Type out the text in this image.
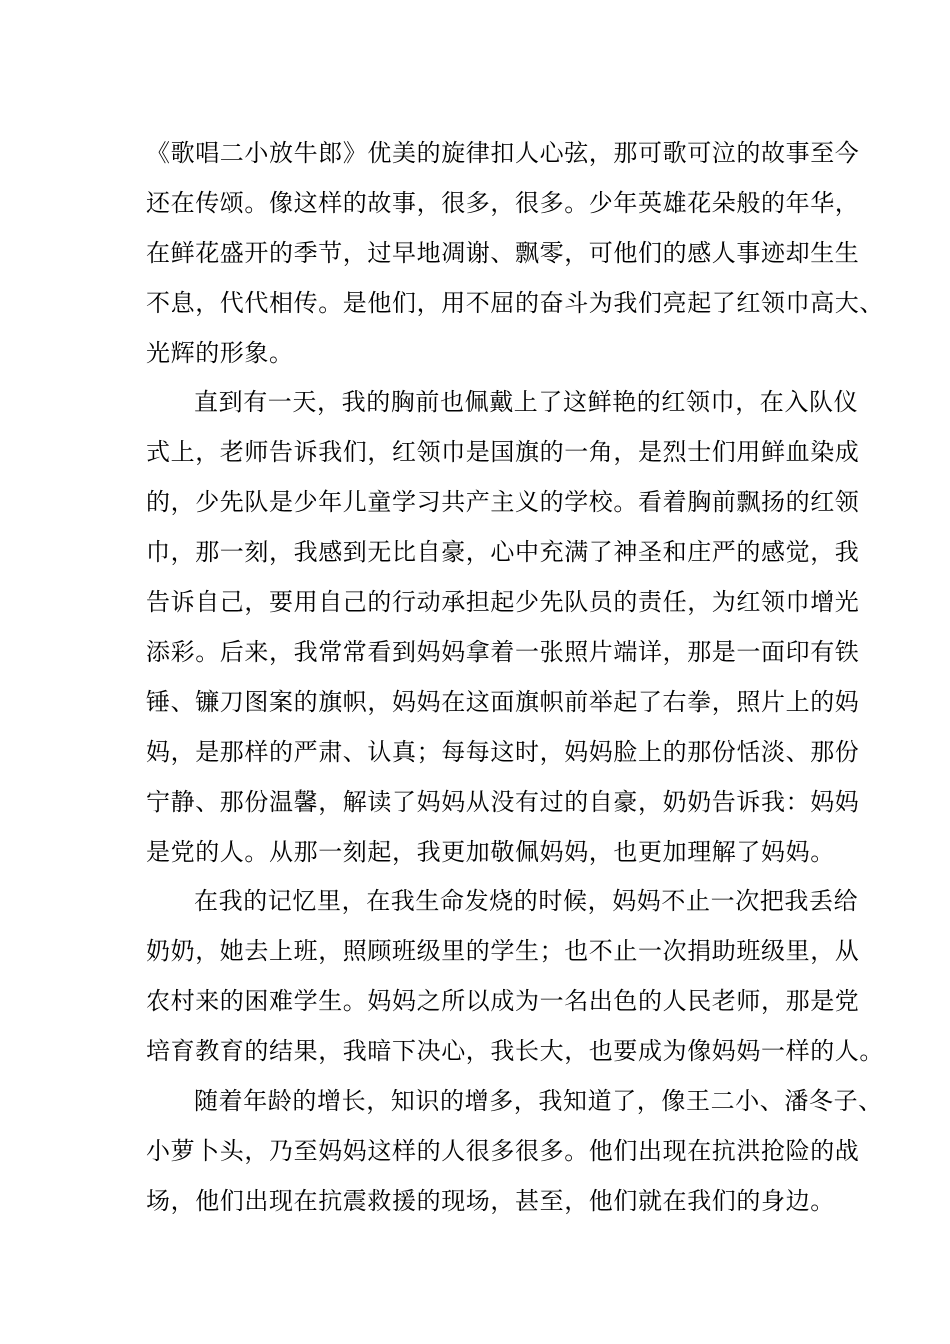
《歌唱二小放牛郎》优美的旋律扣人心弦，那可歌可泣的故事至今
还在传颂。像这样的故事，很多，很多。少年英雄花朵般的年华，
在鲜花盛开的季节，过早地凋谢、飘零，可他们的感人事迹却生生
不息，代代相传。是他们，用不屈的奋斗为我们亮起了红领巾高大、
光辉的形象。
直到有一天，我的胸前也佩戴上了这鲜艳的红领巾，在入队仪
式上，老师告诉我们，红领巾是国旗的一角，是烈士们用鲜血染成
的，少先队是少年儿童学习共产主义的学校。看着胸前飘扬的红领
巾，那一刻，我感到无比自豪，心中充满了神圣和庄严的感觉，我
告诉自己，要用自己的行动承担起少先队员的责任，为红领巾增光
添彩。后来，我常常看到妈妈拿着一张照片端详，那是一面印有铁
锤、镰刀图案的旗帜，妈妈在这面旗帜前举起了右拳，照片上的妈
妈，是那样的严肃、认真；每每这时，妈妈脸上的那份恬淡、那份
宁静、那份温馨，解读了妈妈从没有过的自豪，奶奶告诉我：妈妈
是党的人。从那一刻起，我更加敬佩妈妈，也更加理解了妈妈。
在我的记忆里，在我生命发烧的时候，妈妈不止一次把我丢给
奶奶，她去上班，照顾班级里的学生；也不止一次捐助班级里，从
农村来的困难学生。妈妈之所以成为一名出色的人民老师，那是党
培育教育的结果，我暗下决心，我长大，也要成为像妈妈一样的人。
随着年龄的增长，知识的增多，我知道了，像王二小、潘冬子、
小萝卜头，乃至妈妈这样的人很多很多。他们出现在抗洪抢险的战
场，他们出现在抗震救援的现场，甚至，他们就在我们的身边。
